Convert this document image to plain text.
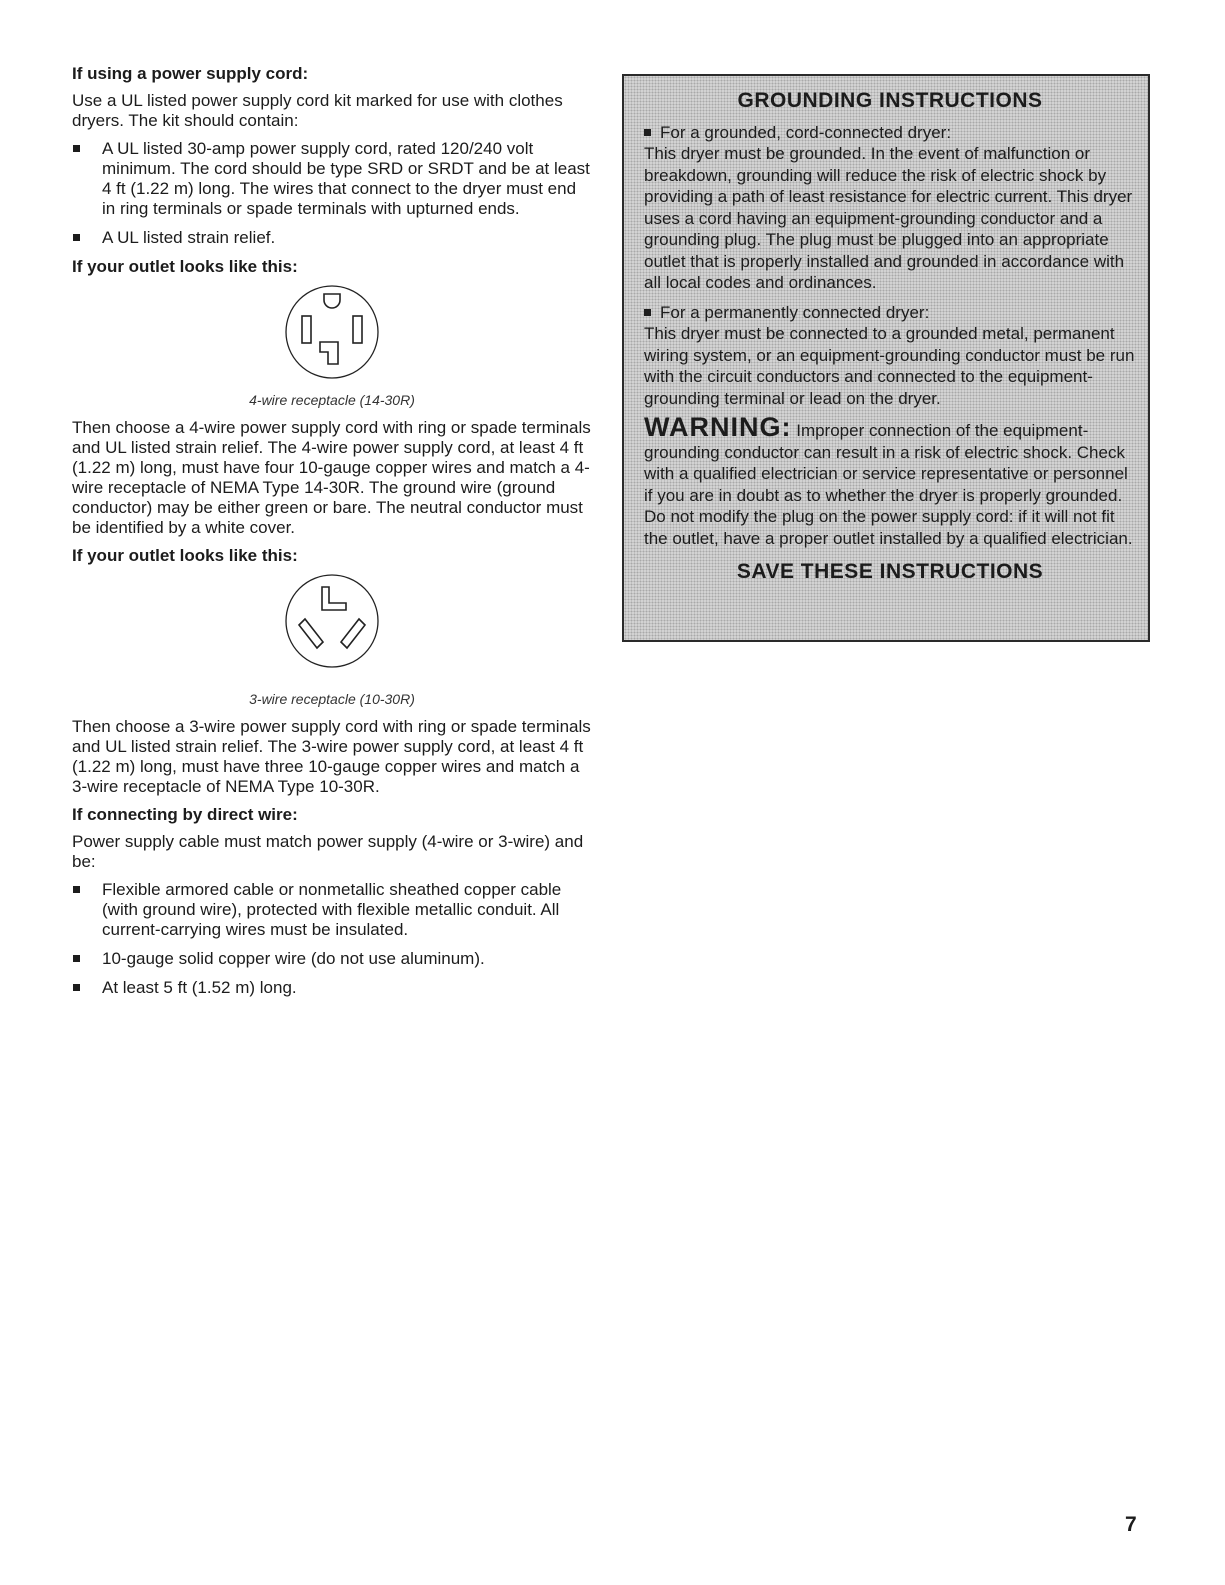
If using a power supply cord:

Use a UL listed power supply cord kit marked for use with clothes dryers. The kit should contain:

A UL listed 30-amp power supply cord, rated 120/240 volt minimum. The cord should be type SRD or SRDT and be at least 4 ft (1.22 m) long. The wires that connect to the dryer must end in ring terminals or spade terminals with upturned ends.
A UL listed strain relief.

If your outlet looks like this:

4-wire receptacle (14-30R)

Then choose a 4-wire power supply cord with ring or spade terminals and UL listed strain relief. The 4-wire power supply cord, at least 4 ft (1.22 m) long, must have four 10-gauge copper wires and match a 4-wire receptacle of NEMA Type 14-30R. The ground wire (ground conductor) may be either green or bare. The neutral conductor must be identified by a white cover.

If your outlet looks like this:

3-wire receptacle (10-30R)

Then choose a 3-wire power supply cord with ring or spade terminals and UL listed strain relief. The 3-wire power supply cord, at least 4 ft (1.22 m) long, must have three 10-gauge copper wires and match a 3-wire receptacle of NEMA Type 10-30R.

If connecting by direct wire:

Power supply cable must match power supply (4-wire or 3-wire) and be:

Flexible armored cable or nonmetallic sheathed copper cable (with ground wire), protected with flexible metallic conduit. All current-carrying wires must be insulated.
10-gauge solid copper wire (do not use aluminum).
At least 5 ft (1.52 m) long.
GROUNDING INSTRUCTIONS

For a grounded, cord-connected dryer:
This dryer must be grounded. In the event of malfunction or breakdown, grounding will reduce the risk of electric shock by providing a path of least resistance for electric current. This dryer uses a cord having an equipment-grounding conductor and a grounding plug. The plug must be plugged into an appropriate outlet that is properly installed and grounded in accordance with all local codes and ordinances.

For a permanently connected dryer:
This dryer must be connected to a grounded metal, permanent wiring system, or an equipment-grounding conductor must be run with the circuit conductors and connected to the equipment-grounding terminal or lead on the dryer.

WARNING: Improper connection of the equipment-grounding conductor can result in a risk of electric shock. Check with a qualified electrician or service representative or personnel if you are in doubt as to whether the dryer is properly grounded. Do not modify the plug on the power supply cord: if it will not fit the outlet, have a proper outlet installed by a qualified electrician.

SAVE THESE INSTRUCTIONS
7
